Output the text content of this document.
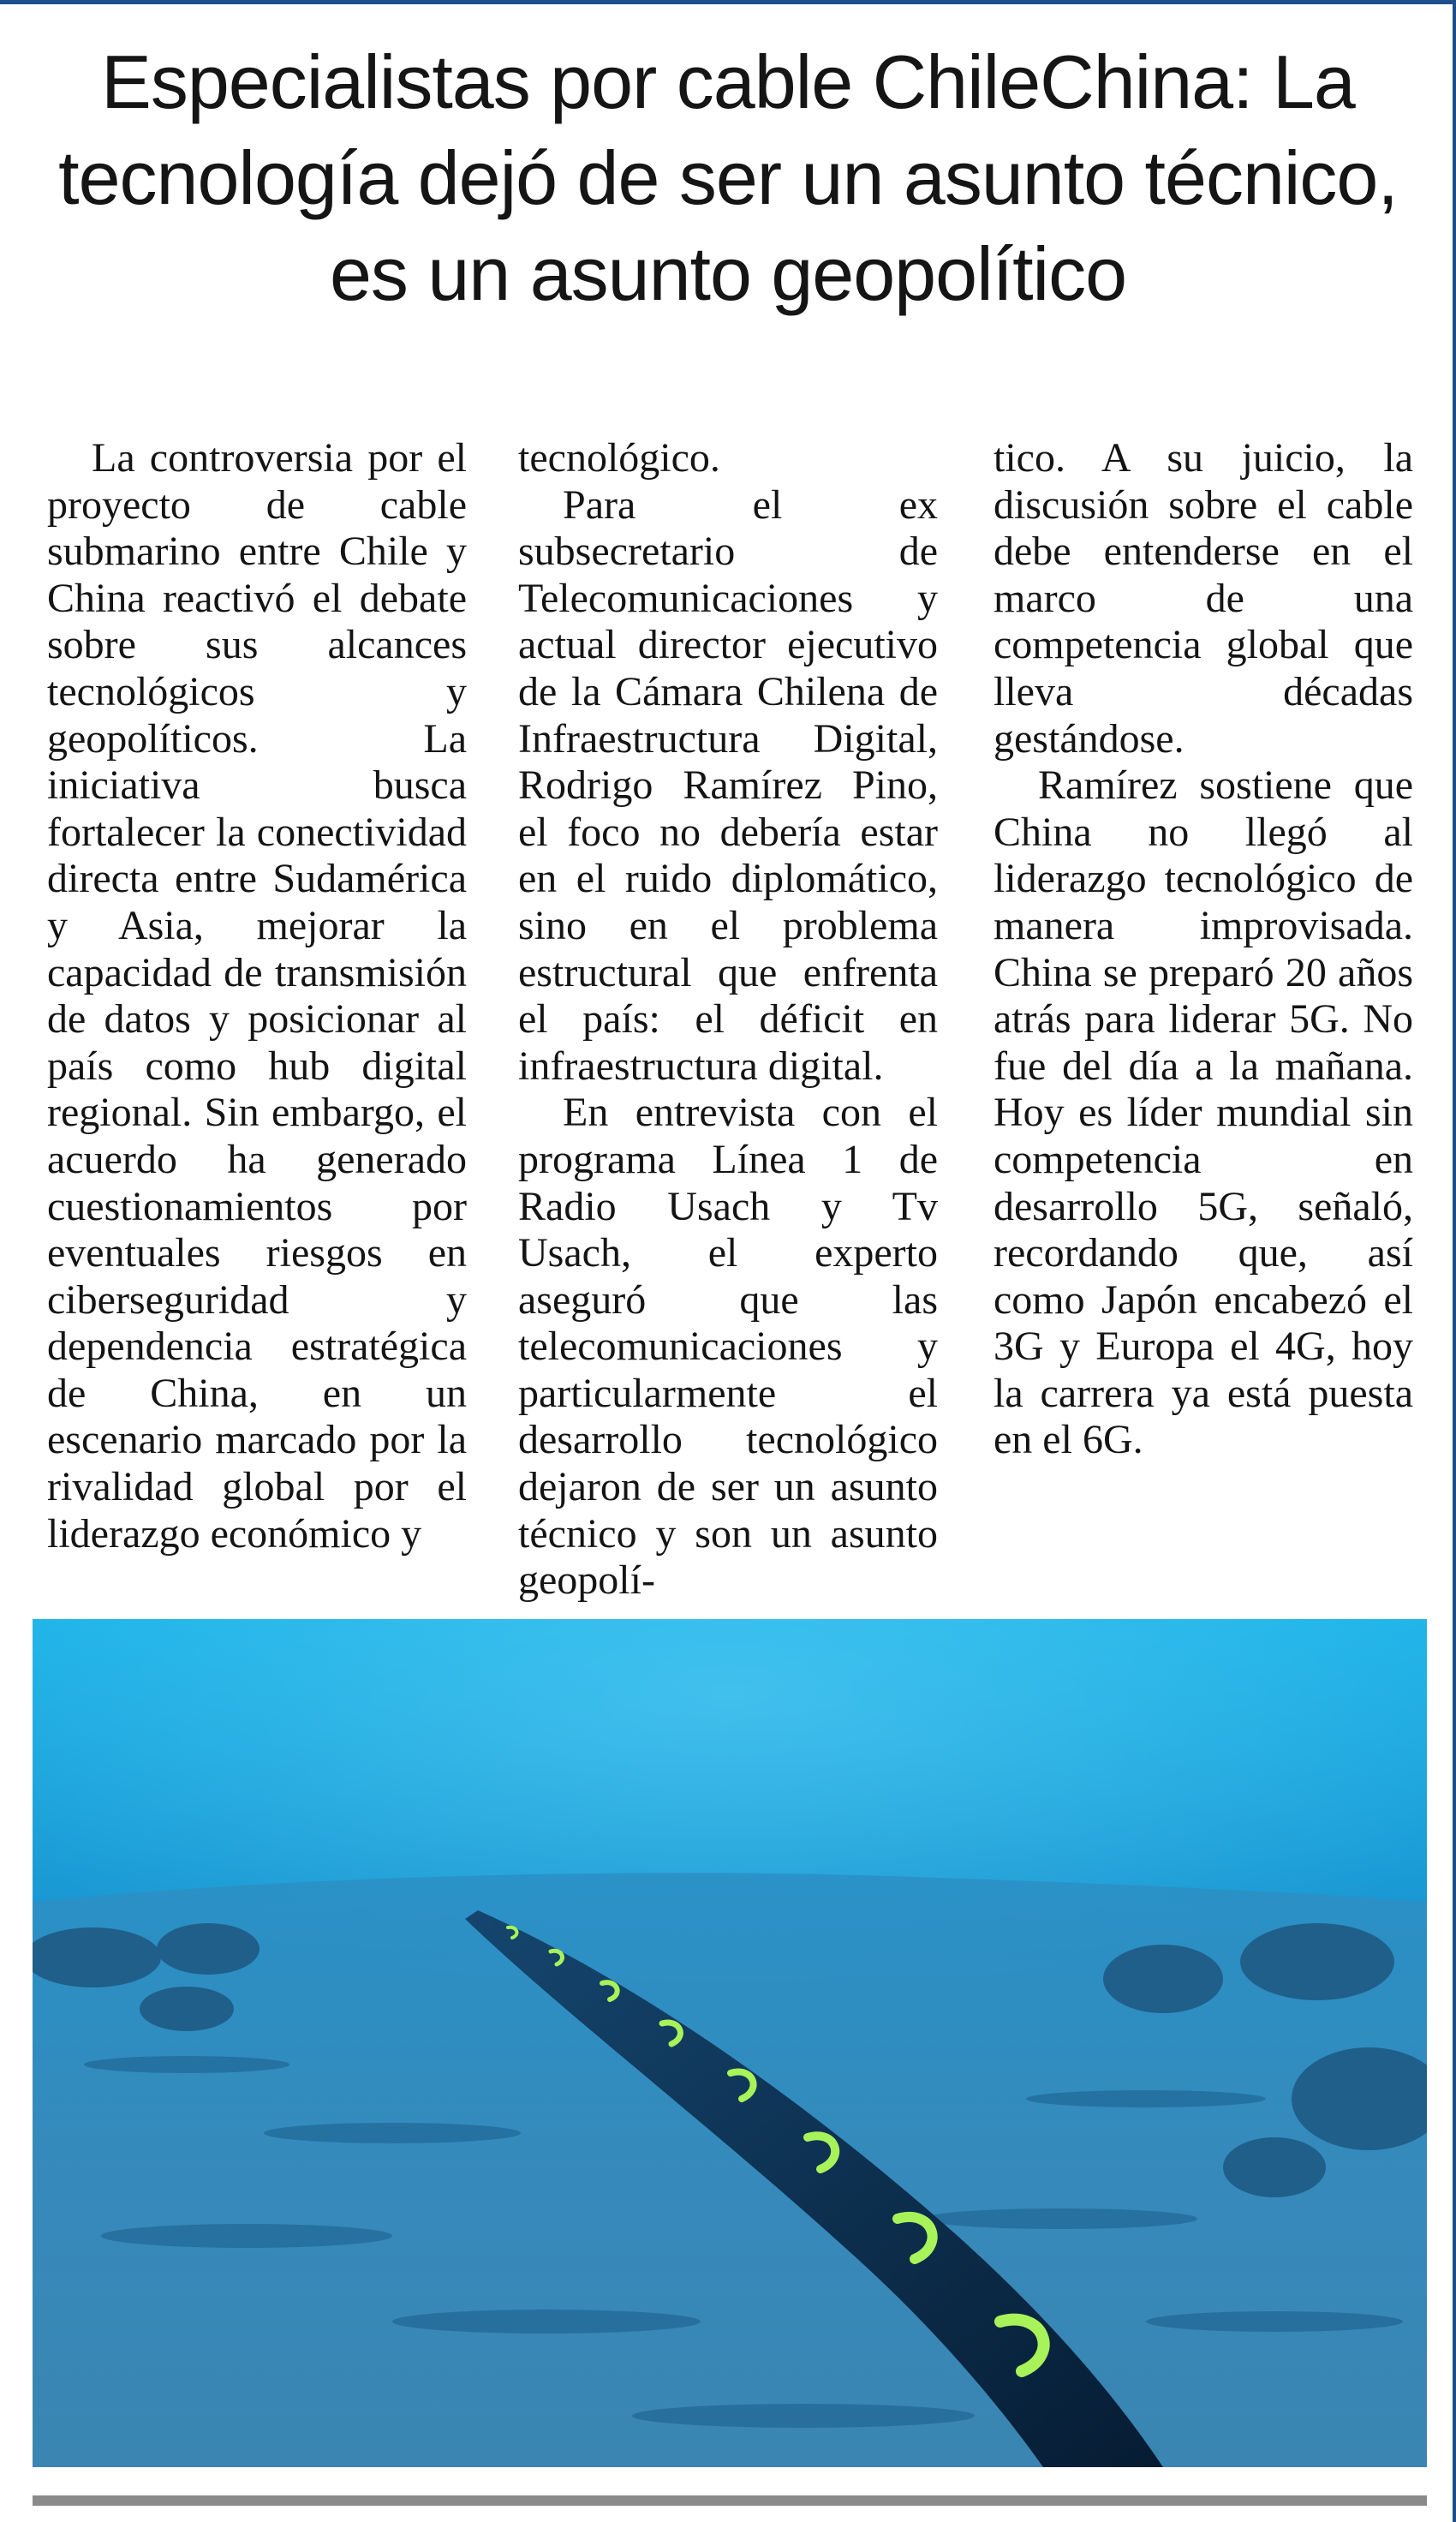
Especialistas por cable ChileChina: La tecnología dejó de ser un asunto técnico, es un asunto geopolítico

La controversia por el proyecto de cable submarino entre Chile y China reactivó el debate sobre sus alcances tecnológicos y geopolíticos. La iniciativa busca fortalecer la conectividad directa entre Sudamérica y Asia, mejorar la capacidad de transmisión de datos y posicionar al país como hub digital regional. Sin embargo, el acuerdo ha generado cuestionamientos por eventuales riesgos en ciberseguridad y dependencia estratégica de China, en un escenario marcado por la rivalidad global por el liderazgo económico y

tecnológico.

Para el ex subsecretario de Telecomunicaciones y actual director ejecutivo de la Cámara Chilena de Infraestructura Digital, Rodrigo Ramírez Pino, el foco no debería estar en el ruido diplomático, sino en el problema estructural que enfrenta el país: el déficit en infraestructura digital.

En entrevista con el programa Línea 1 de Radio Usach y Tv Usach, el experto aseguró que las telecomunicaciones y particularmente el desarrollo tecnológico dejaron de ser un asunto técnico y son un asunto geopolí-

tico. A su juicio, la discusión sobre el cable debe entenderse en el marco de una competencia global que lleva décadas gestándose.

Ramírez sostiene que China no llegó al liderazgo tecnológico de manera improvisada. China se preparó 20 años atrás para liderar 5G. No fue del día a la mañana. Hoy es líder mundial sin competencia en desarrollo 5G, señaló, recordando que, así como Japón encabezó el 3G y Europa el 4G, hoy la carrera ya está puesta en el 6G.
